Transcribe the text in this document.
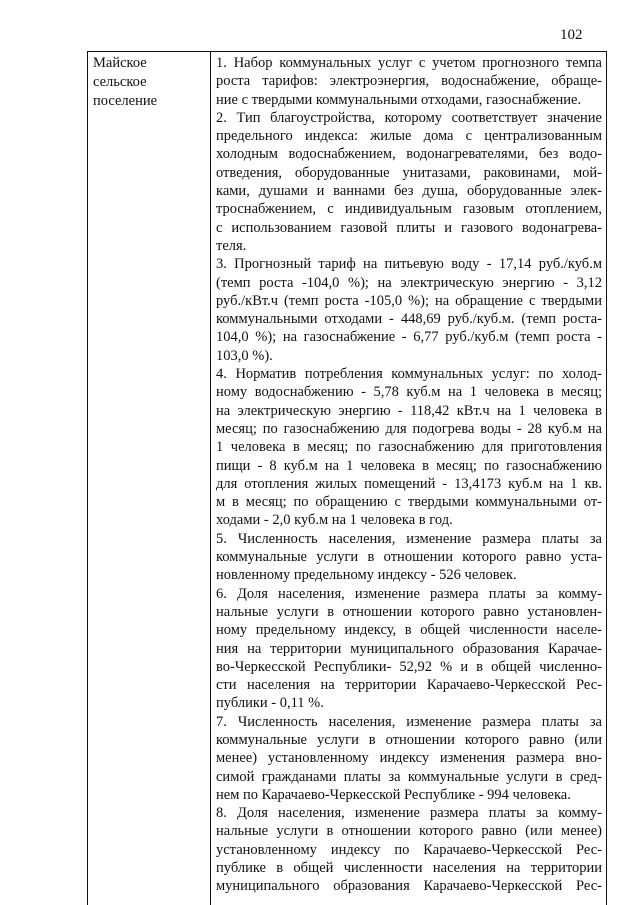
102
Майское
сельское
поселение
1. Набор коммунальных услуг с учетом прогнозного темпа
роста тарифов: электроэнергия, водоснабжение, обраще-
ние с твердыми коммунальными отходами, газоснабжение.
2. Тип благоустройства, которому соответствует значение
предельного индекса: жилые дома с централизованным
холодным водоснабжением, водонагревателями, без водо-
отведения, оборудованные унитазами, раковинами, мой-
ками, душами и ваннами без душа, оборудованные элек-
троснабжением, с индивидуальным газовым отоплением,
с использованием газовой плиты и газового водонагрева-
теля.
3. Прогнозный тариф на питьевую воду - 17,14 руб./куб.м
(темп роста -104,0 %); на электрическую энергию - 3,12
руб./кВт.ч (темп роста -105,0 %); на обращение с твердыми
коммунальными отходами - 448,69 руб./куб.м. (темп роста-
104,0 %); на газоснабжение - 6,77 руб./куб.м (темп роста -
103,0 %).
4. Норматив потребления коммунальных услуг: по холод-
ному водоснабжению - 5,78 куб.м на 1 человека в месяц;
на электрическую энергию - 118,42 кВт.ч на 1 человека в
месяц; по газоснабжению для подогрева воды - 28 куб.м на
1 человека в месяц; по газоснабжению для приготовления
пищи - 8 куб.м на 1 человека в месяц; по газоснабжению
для отопления жилых помещений - 13,4173 куб.м на 1 кв.
м в месяц; по обращению с твердыми коммунальными от-
ходами - 2,0 куб.м на 1 человека в год.
5. Численность населения, изменение размера платы за
коммунальные услуги в отношении которого равно уста-
новленному предельному индексу - 526 человек.
6. Доля населения, изменение размера платы за комму-
нальные услуги в отношении которого равно установлен-
ному предельному индексу, в общей численности населе-
ния на территории муниципального образования Карачае-
во-Черкесской Республики- 52,92 % и в общей численно-
сти населения на территории Карачаево-Черкесской Рес-
публики - 0,11 %.
7. Численность населения, изменение размера платы за
коммунальные услуги в отношении которого равно (или
менее) установленному индексу изменения размера вно-
симой гражданами платы за коммунальные услуги в сред-
нем по Карачаево-Черкесской Республике - 994 человека.
8. Доля населения, изменение размера платы за комму-
нальные услуги в отношении которого равно (или менее)
установленному индексу по Карачаево-Черкесской Рес-
публике в общей численности населения на территории
муниципального образования Карачаево-Черкесской Рес-
